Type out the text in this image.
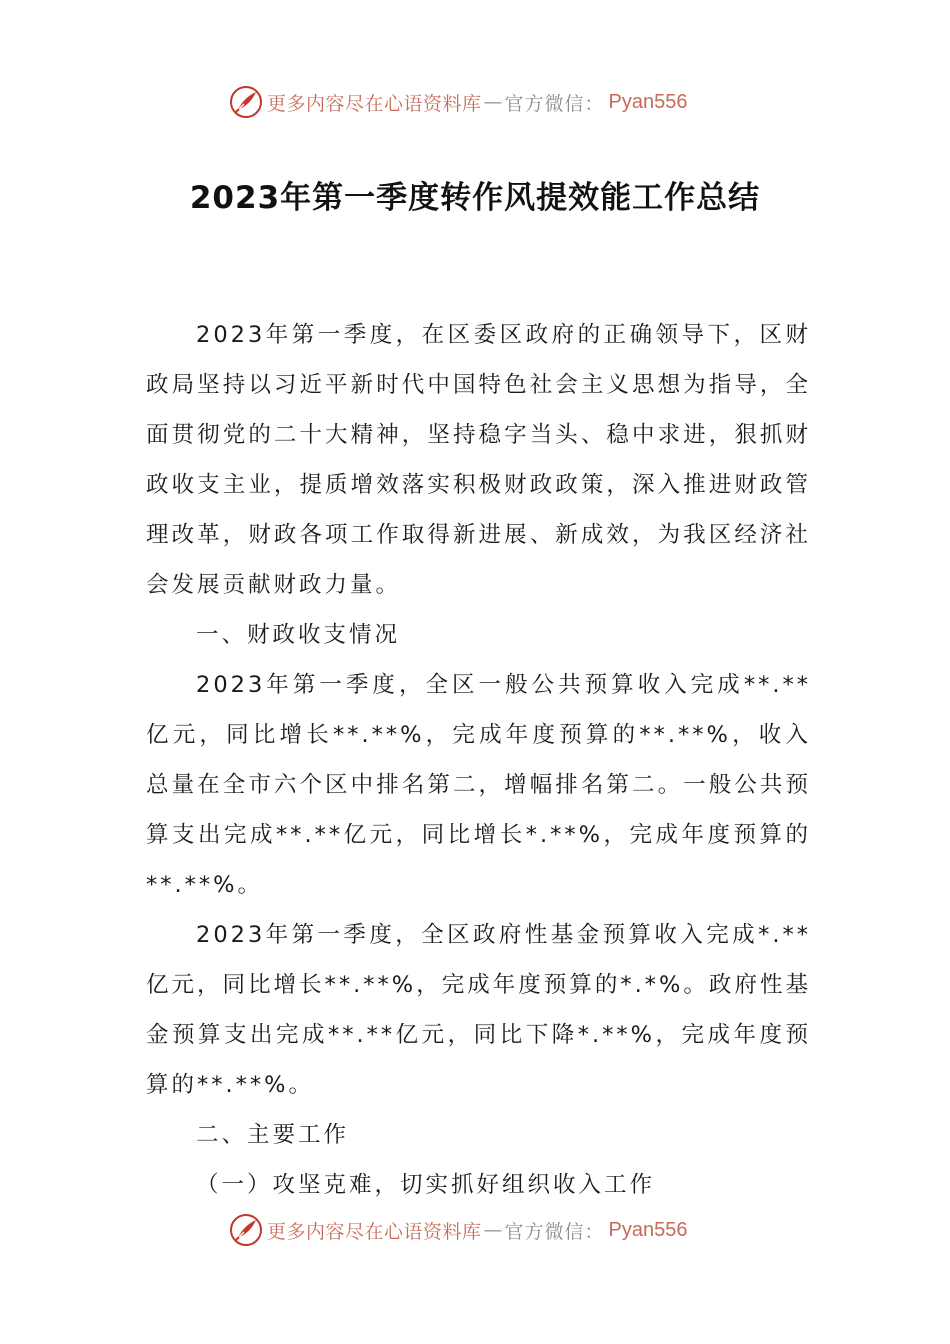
更多内容尽在心语资料库 — 官方微信： Pyan556
2023年第一季度转作风提效能工作总结

2023年第一季度，在区委区政府的正确领导下，区财政局坚持以习近平新时代中国特色社会主义思想为指导，全面贯彻党的二十大精神，坚持稳字当头、稳中求进，狠抓财政收支主业，提质增效落实积极财政政策，深入推进财政管理改革，财政各项工作取得新进展、新成效，为我区经济社会发展贡献财政力量。

一、财政收支情况

2023年第一季度，全区一般公共预算收入完成**.**亿元，同比增长**.**%，完成年度预算的**.**%，收入总量在全市六个区中排名第二，增幅排名第二。一般公共预算支出完成**.**亿元，同比增长*.**%，完成年度预算的**.**%。

2023年第一季度，全区政府性基金预算收入完成*.**亿元，同比增长**.**%，完成年度预算的*.*%。政府性基金预算支出完成**.**亿元，同比下降*.**%，完成年度预算的**.**%。

二、主要工作

（一）攻坚克难，切实抓好组织收入工作

更多内容尽在心语资料库 — 官方微信： Pyan556
